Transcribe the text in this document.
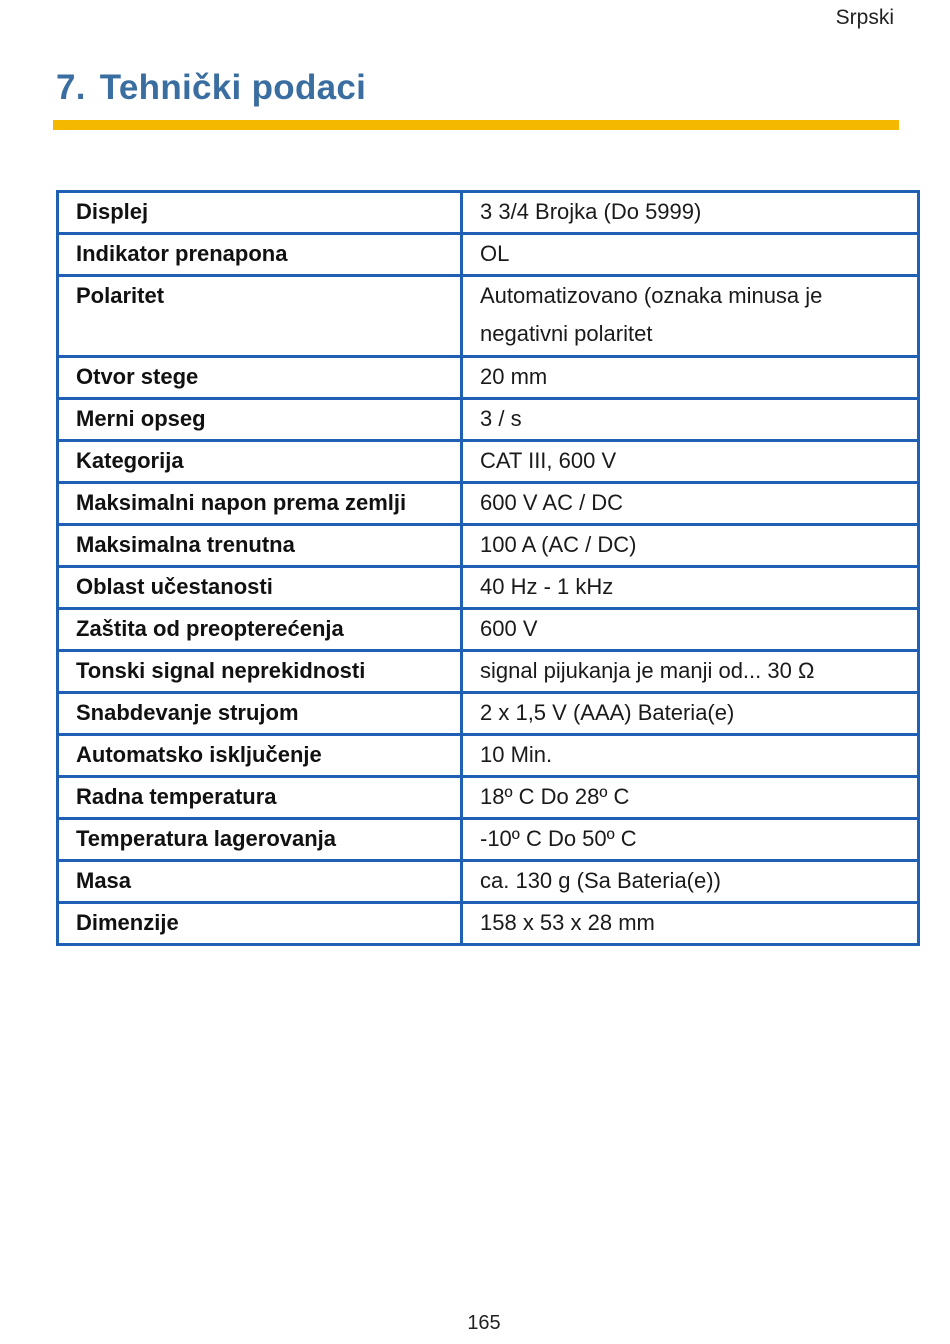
Srpski
7. Tehnički podaci
Displej	3 3/4 Brojka (Do 5999)
Indikator prenapona	OL
Polaritet	Automatizovano (oznaka minusa je negativni polaritet
Otvor stege	20 mm
Merni opseg	3 / s
Kategorija	CAT III, 600 V
Maksimalni napon prema zemlji	600 V AC / DC
Maksimalna trenutna	100 A (AC / DC)
Oblast učestanosti	40 Hz - 1 kHz
Zaštita od preopterećenja	600 V
Tonski signal neprekidnosti	signal pijukanja je manji od... 30 Ω
Snabdevanje strujom	2 x 1,5 V (AAA) Bateria(e)
Automatsko isključenje	10 Min.
Radna temperatura	18º C Do 28º C
Temperatura lagerovanja	-10º C Do 50º C
Masa	ca. 130 g (Sa Bateria(e))
Dimenzije	158 x 53 x 28 mm
165
